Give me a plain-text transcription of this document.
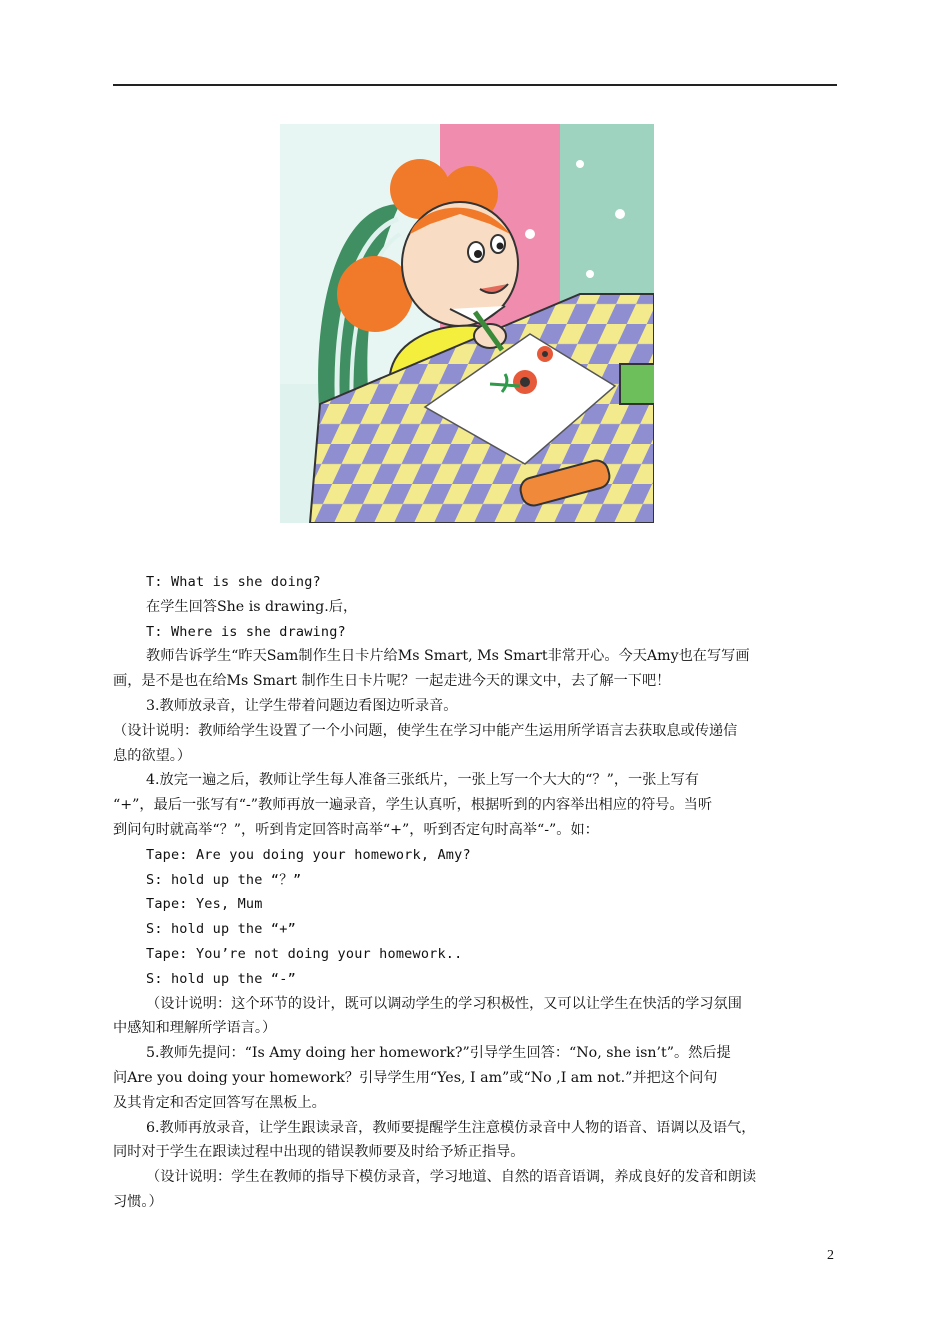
T: What is she doing?

在学生回答She is drawing.后，

T: Where is she drawing?

教师告诉学生“昨天Sam制作生日卡片给Ms Smart, Ms Smart非常开心。今天Amy也在写写画

画，是不是也在给Ms Smart 制作生日卡片呢？一起走进今天的课文中，去了解一下吧！

3.教师放录音，让学生带着问题边看图边听录音。

（设计说明：教师给学生设置了一个小问题，使学生在学习中能产生运用所学语言去获取息或传递信

息的欲望。）

4.放完一遍之后，教师让学生每人准备三张纸片，一张上写一个大大的“？”，一张上写有

“+”，最后一张写有“-”教师再放一遍录音，学生认真听，根据听到的内容举出相应的符号。当听

到问句时就高举“？”，听到肯定回答时高举“+”，听到否定句时高举“-”。如：

Tape: Are you doing your homework, Amy?

S: hold up the “？”

Tape: Yes, Mum

S: hold up the “+”

Tape: You’re not doing your homework..

S: hold up the “-”

（设计说明：这个环节的设计，既可以调动学生的学习积极性，又可以让学生在快活的学习氛围

中感知和理解所学语言。）

5.教师先提问：“Is Amy doing her homework?”引导学生回答：“No, she isn’t”。然后提

问Are you doing your homework？引导学生用“Yes, I am”或“No ,I am not.”并把这个问句

及其肯定和否定回答写在黑板上。

6.教师再放录音，让学生跟读录音，教师要提醒学生注意模仿录音中人物的语音、语调以及语气，

同时对于学生在跟读过程中出现的错误教师要及时给予矫正指导。

（设计说明：学生在教师的指导下模仿录音，学习地道、自然的语音语调，养成良好的发音和朗读

习惯。）

2
